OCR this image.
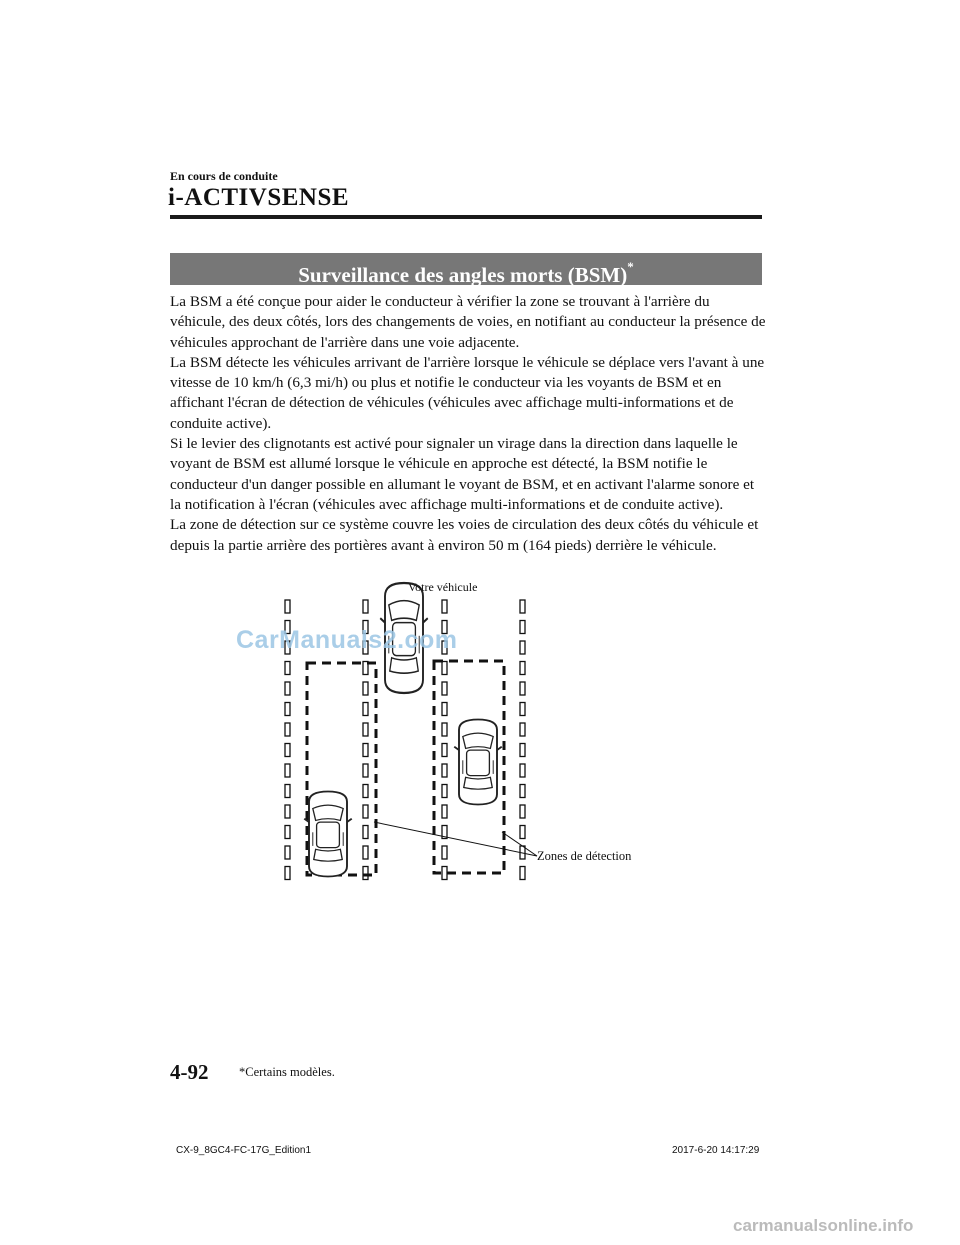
En cours de conduite
i-ACTIVSENSE
Surveillance des angles morts (BSM)*

La BSM a été conçue pour aider le conducteur à vérifier la zone se trouvant à l'arrière du véhicule, des deux côtés, lors des changements de voies, en notifiant au conducteur la présence de véhicules approchant de l'arrière dans une voie adjacente.

La BSM détecte les véhicules arrivant de l'arrière lorsque le véhicule se déplace vers l'avant à une vitesse de 10 km/h (6,3 mi/h) ou plus et notifie le conducteur via les voyants de BSM et en affichant l'écran de détection de véhicules (véhicules avec affichage multi-informations et de conduite active).

Si le levier des clignotants est activé pour signaler un virage dans la direction dans laquelle le voyant de BSM est allumé lorsque le véhicule en approche est détecté, la BSM notifie le conducteur d'un danger possible en allumant le voyant de BSM, et en activant l'alarme sonore et la notification à l'écran (véhicules avec affichage multi-informations et de conduite active).

La zone de détection sur ce système couvre les voies de circulation des deux côtés du véhicule et depuis la partie arrière des portières avant à environ 50 m (164 pieds) derrière le véhicule.

Votre véhicule
Zones de détection
CarManuals2.com
4-92 *Certains modèles.
CX-9_8GC4-FC-17G_Edition1	2017-6-20 14:17:29
carmanualsonline.info
